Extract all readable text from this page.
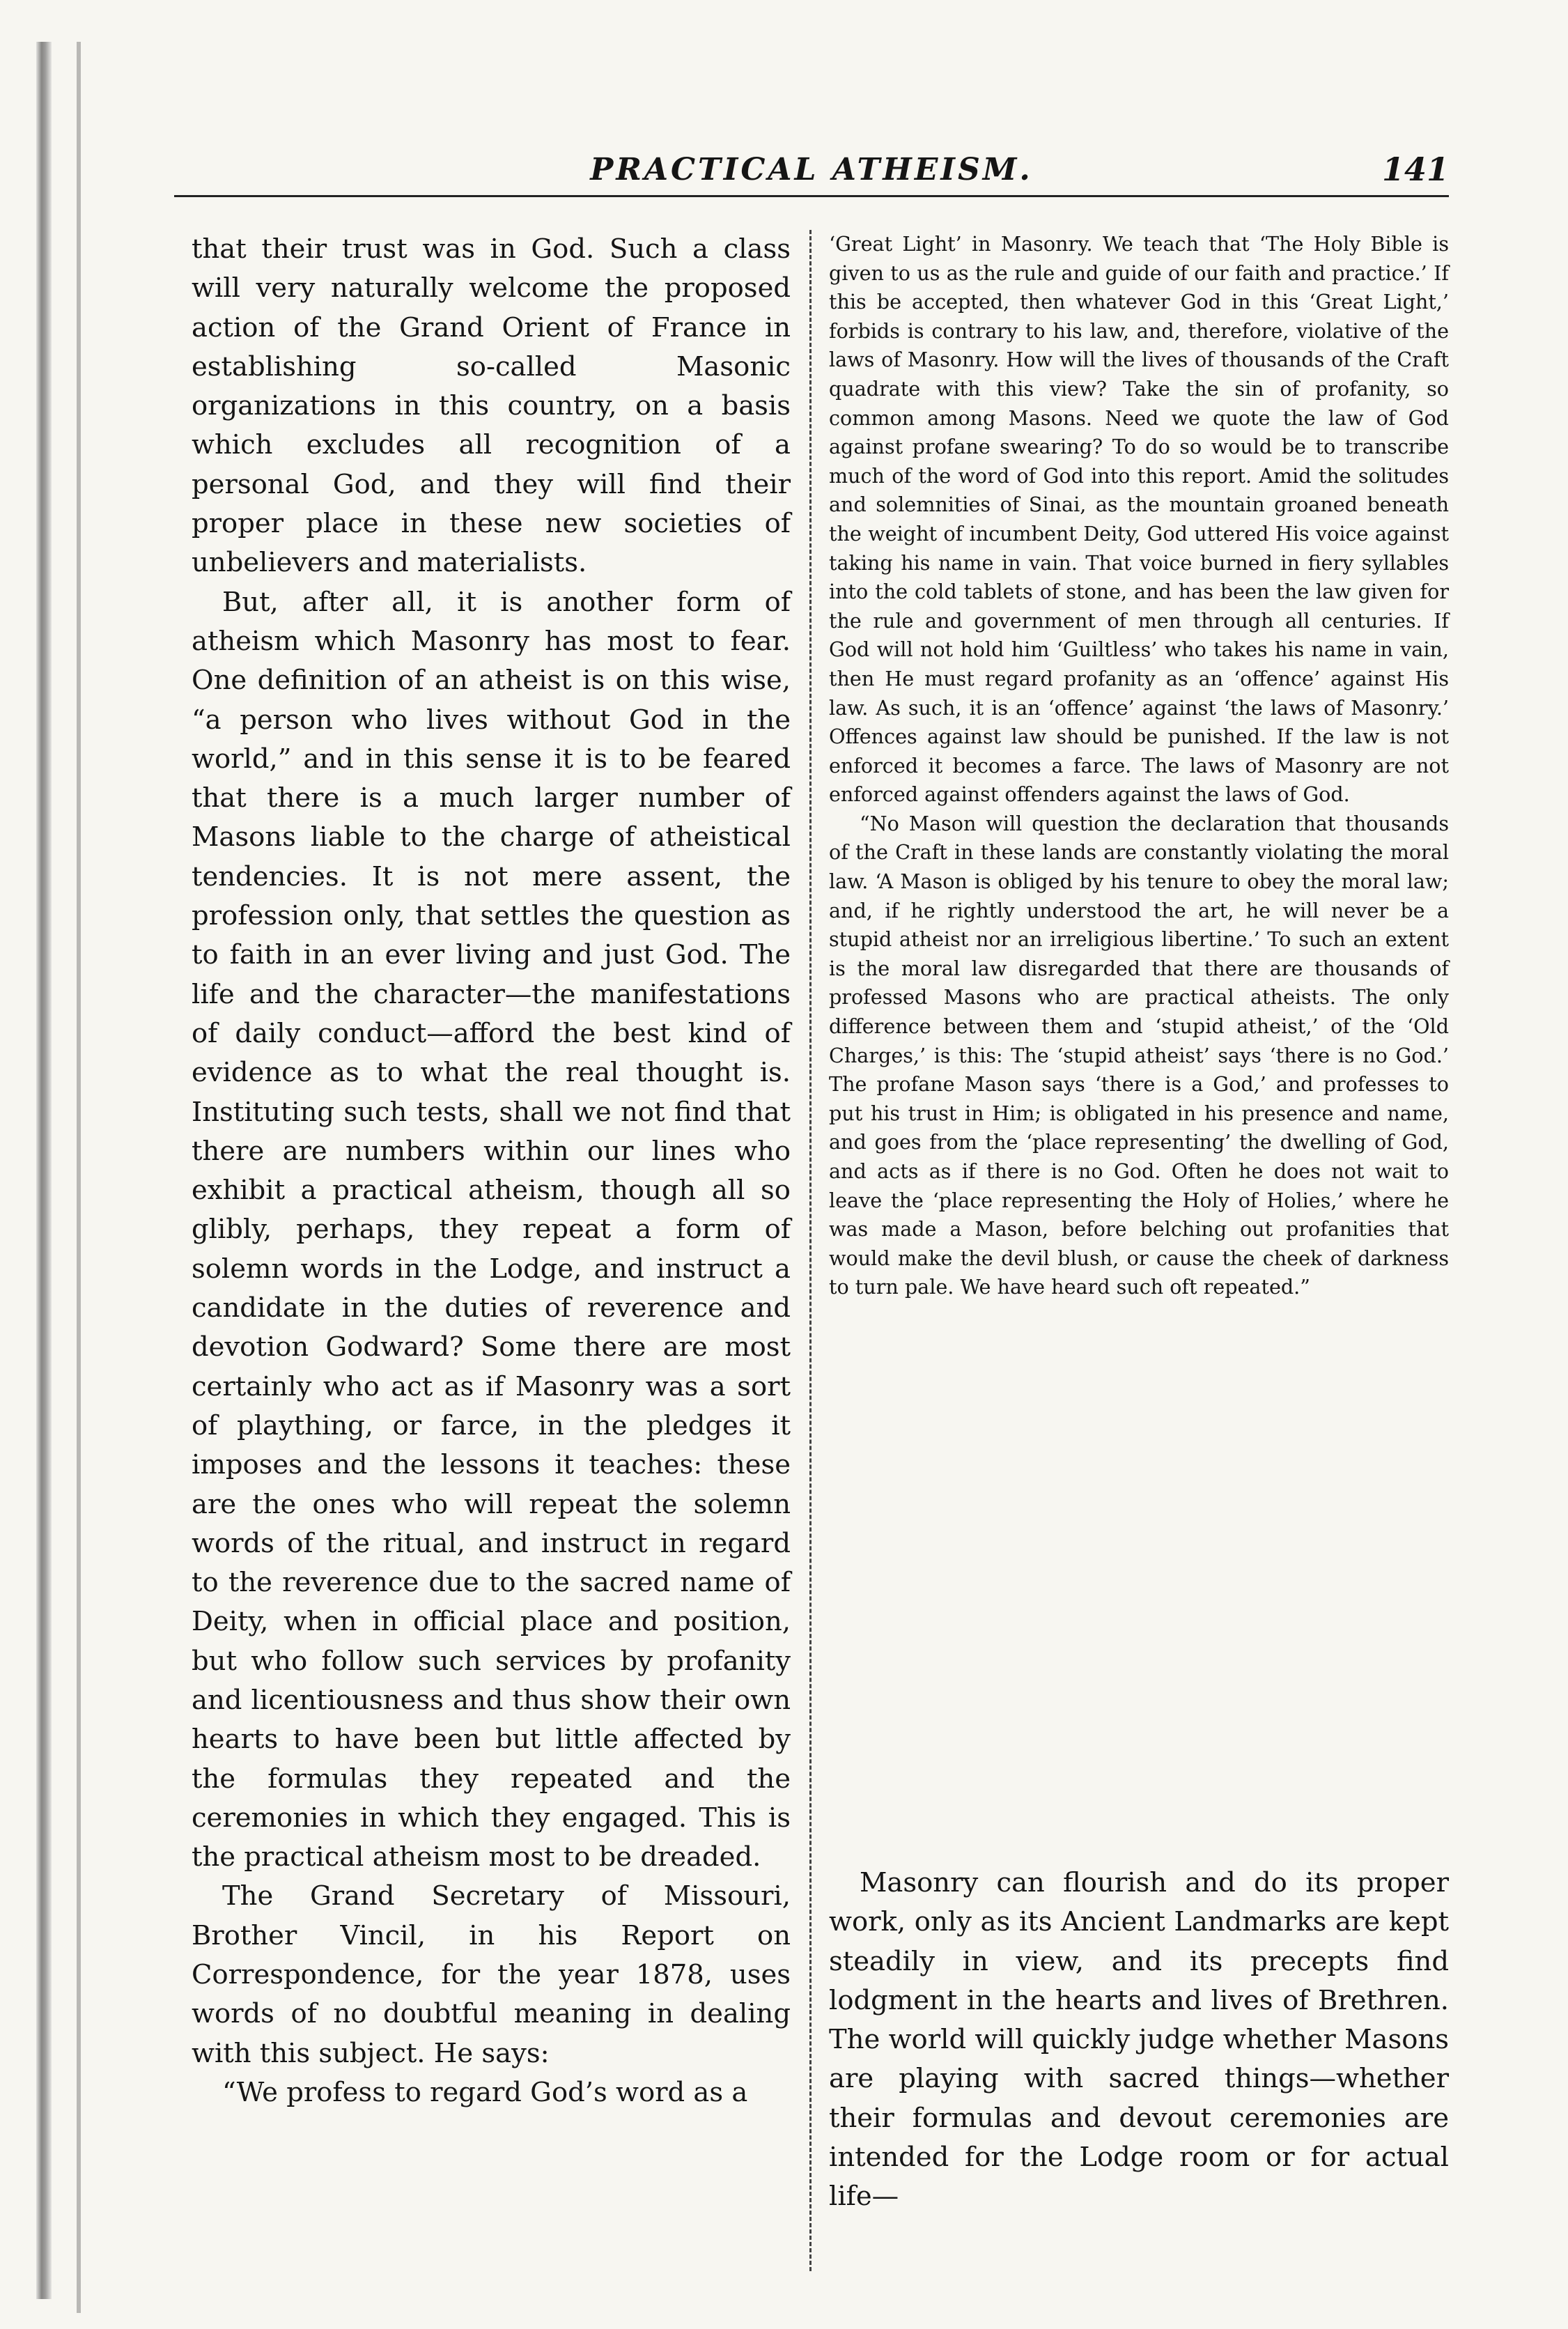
PRACTICAL ATHEISM.	141

that their trust was in God. Such a class will very naturally welcome the proposed action of the Grand Orient of France in establishing so-called Masonic organizations in this country, on a basis which excludes all recognition of a personal God, and they will find their proper place in these new societies of unbelievers and materialists.

But, after all, it is another form of atheism which Masonry has most to fear. One definition of an atheist is on this wise, “a person who lives without God in the world,” and in this sense it is to be feared that there is a much larger number of Masons liable to the charge of atheistical tendencies. It is not mere assent, the profession only, that settles the question as to faith in an ever living and just God. The life and the character—the manifestations of daily conduct—afford the best kind of evidence as to what the real thought is. Instituting such tests, shall we not find that there are numbers within our lines who exhibit a practical atheism, though all so glibly, perhaps, they repeat a form of solemn words in the Lodge, and instruct a candidate in the duties of reverence and devotion Godward? Some there are most certainly who act as if Masonry was a sort of plaything, or farce, in the pledges it imposes and the lessons it teaches: these are the ones who will repeat the solemn words of the ritual, and instruct in regard to the reverence due to the sacred name of Deity, when in official place and position, but who follow such services by profanity and licentiousness and thus show their own hearts to have been but little affected by the formulas they repeated and the ceremonies in which they engaged. This is the practical atheism most to be dreaded.

The Grand Secretary of Missouri, Brother Vincil, in his Report on Correspondence, for the year 1878, uses words of no doubtful meaning in dealing with this subject. He says:

“We profess to regard God’s word as a

‘Great Light’ in Masonry. We teach that ‘The Holy Bible is given to us as the rule and guide of our faith and practice.’ If this be accepted, then whatever God in this ‘Great Light,’ forbids is contrary to his law, and, therefore, violative of the laws of Masonry. How will the lives of thousands of the Craft quadrate with this view? Take the sin of profanity, so common among Masons. Need we quote the law of God against profane swearing? To do so would be to transcribe much of the word of God into this report. Amid the solitudes and solemnities of Sinai, as the mountain groaned beneath the weight of incumbent Deity, God uttered His voice against taking his name in vain. That voice burned in fiery syllables into the cold tablets of stone, and has been the law given for the rule and government of men through all centuries. If God will not hold him ‘Guiltless’ who takes his name in vain, then He must regard profanity as an ‘offence’ against His law. As such, it is an ‘offence’ against ‘the laws of Masonry.’ Offences against law should be punished. If the law is not enforced it becomes a farce. The laws of Masonry are not enforced against offenders against the laws of God.

“No Mason will question the declaration that thousands of the Craft in these lands are constantly violating the moral law. ‘A Mason is obliged by his tenure to obey the moral law; and, if he rightly understood the art, he will never be a stupid atheist nor an irreligious libertine.’ To such an extent is the moral law disregarded that there are thousands of professed Masons who are practical atheists. The only difference between them and ‘stupid atheist,’ of the ‘Old Charges,’ is this: The ‘stupid atheist’ says ‘there is no God.’ The profane Mason says ‘there is a God,’ and professes to put his trust in Him; is obligated in his presence and name, and goes from the ‘place representing’ the dwelling of God, and acts as if there is no God. Often he does not wait to leave the ‘place representing the Holy of Holies,’ where he was made a Mason, before belching out profanities that would make the devil blush, or cause the cheek of darkness to turn pale. We have heard such oft repeated.”

Masonry can flourish and do its proper work, only as its Ancient Landmarks are kept steadily in view, and its precepts find lodgment in the hearts and lives of Brethren. The world will quickly judge whether Masons are playing with sacred things—whether their formulas and devout ceremonies are intended for the Lodge room or for actual life—
